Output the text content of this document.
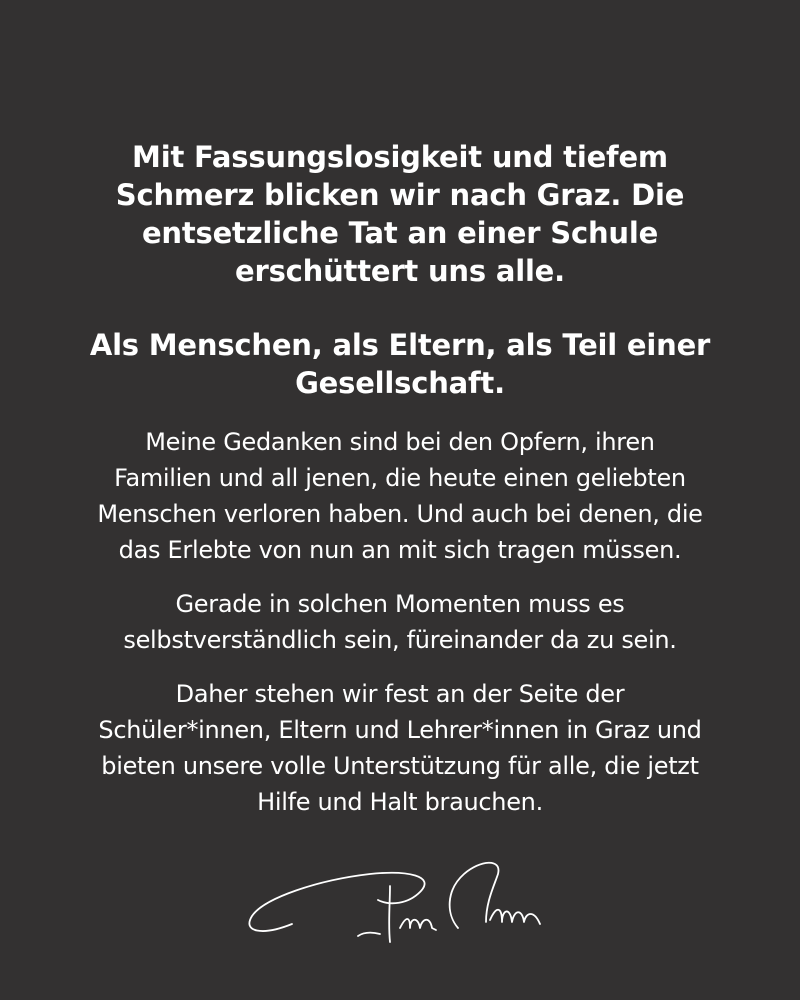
Mit Fassungslosigkeit und tiefem
Schmerz blicken wir nach Graz. Die
entsetzliche Tat an einer Schule
erschüttert uns alle.
Als Menschen, als Eltern, als Teil einer
Gesellschaft.

Meine Gedanken sind bei den Opfern, ihren
Familien und all jenen, die heute einen geliebten
Menschen verloren haben. Und auch bei denen, die
das Erlebte von nun an mit sich tragen müssen.

Gerade in solchen Momenten muss es
selbstverständlich sein, füreinander da zu sein.

Daher stehen wir fest an der Seite der
Schüler*innen, Eltern und Lehrer*innen in Graz und
bieten unsere volle Unterstützung für alle, die jetzt
Hilfe und Halt brauchen.
